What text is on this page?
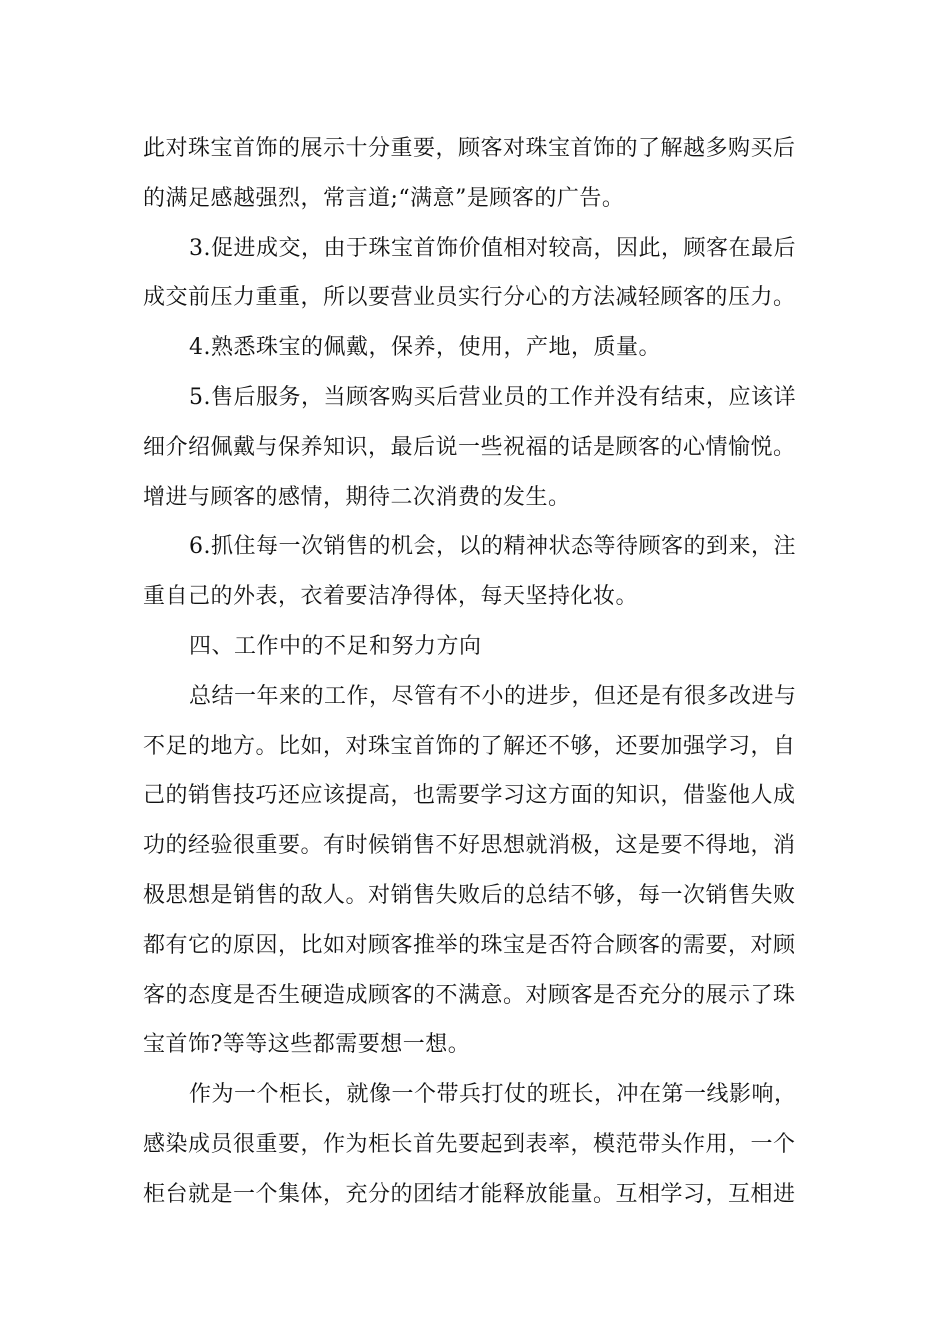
此对珠宝首饰的展示十分重要，顾客对珠宝首饰的了解越多购买后
的满足感越强烈，常言道;“满意”是顾客的广告。
3.促进成交，由于珠宝首饰价值相对较高，因此，顾客在最后
成交前压力重重，所以要营业员实行分心的方法减轻顾客的压力。
4.熟悉珠宝的佩戴，保养，使用，产地，质量。
5.售后服务，当顾客购买后营业员的工作并没有结束，应该详
细介绍佩戴与保养知识，最后说一些祝福的话是顾客的心情愉悦。
增进与顾客的感情，期待二次消费的发生。
6.抓住每一次销售的机会，以的精神状态等待顾客的到来，注
重自己的外表，衣着要洁净得体，每天坚持化妆。
四、工作中的不足和努力方向
总结一年来的工作，尽管有不小的进步，但还是有很多改进与
不足的地方。比如，对珠宝首饰的了解还不够，还要加强学习，自
己的销售技巧还应该提高，也需要学习这方面的知识，借鉴他人成
功的经验很重要。有时候销售不好思想就消极，这是要不得地，消
极思想是销售的敌人。对销售失败后的总结不够，每一次销售失败
都有它的原因，比如对顾客推举的珠宝是否符合顾客的需要，对顾
客的态度是否生硬造成顾客的不满意。对顾客是否充分的展示了珠
宝首饰?等等这些都需要想一想。
作为一个柜长，就像一个带兵打仗的班长，冲在第一线影响，
感染成员很重要，作为柜长首先要起到表率，模范带头作用，一个
柜台就是一个集体，充分的团结才能释放能量。互相学习，互相进
